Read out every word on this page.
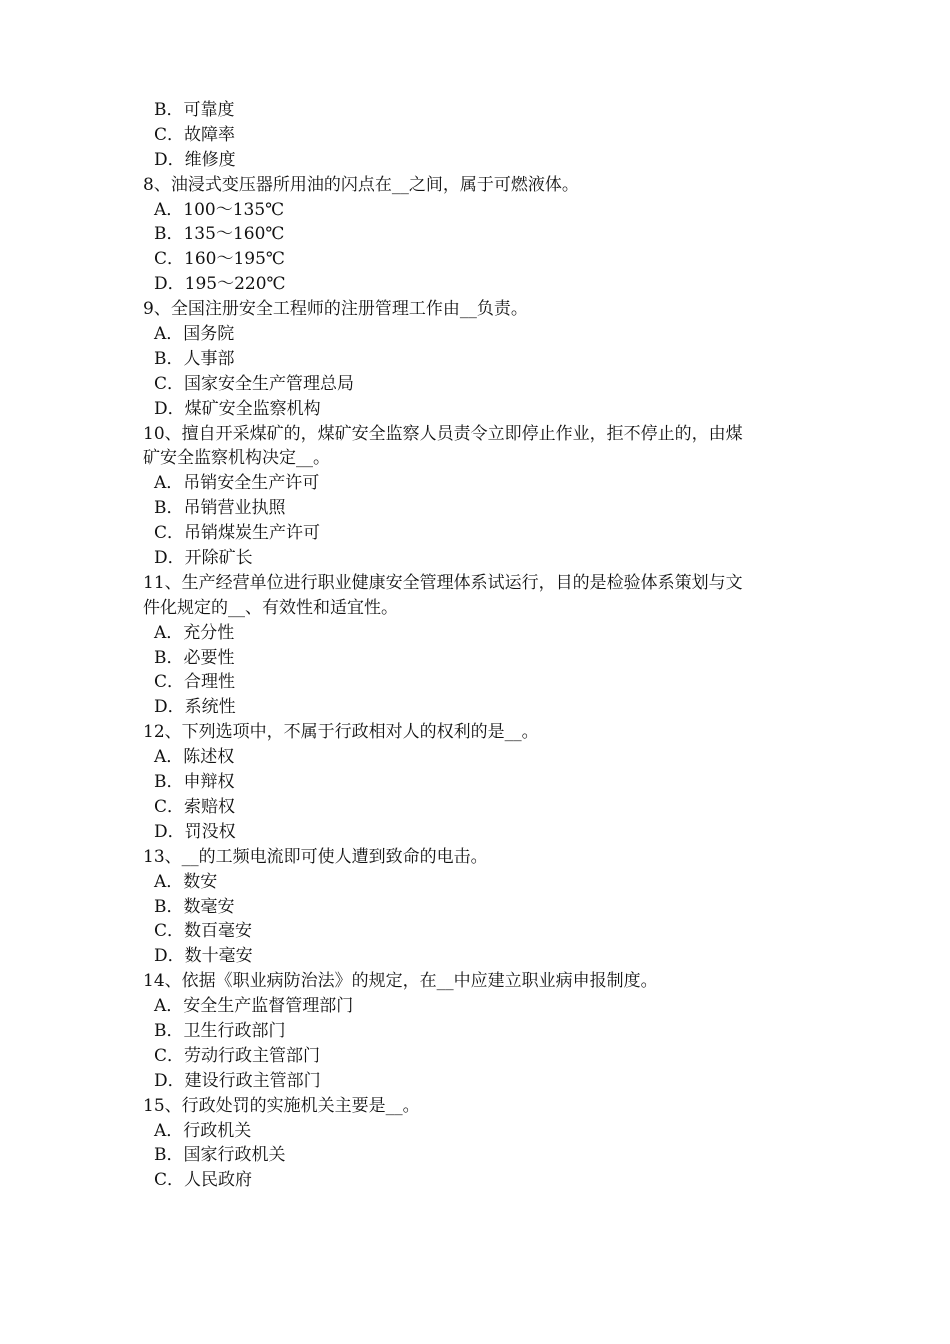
B．可靠度
C．故障率
D．维修度
8、油浸式变压器所用油的闪点在__之间，属于可燃液体。
A．100～135℃
B．135～160℃
C．160～195℃
D．195～220℃
9、全国注册安全工程师的注册管理工作由__负责。
A．国务院
B．人事部
C．国家安全生产管理总局
D．煤矿安全监察机构
10、擅自开采煤矿的，煤矿安全监察人员责令立即停止作业，拒不停止的，由煤
矿安全监察机构决定__。
A．吊销安全生产许可
B．吊销营业执照
C．吊销煤炭生产许可
D．开除矿长
11、生产经营单位进行职业健康安全管理体系试运行，目的是检验体系策划与文
件化规定的__、有效性和适宜性。
A．充分性
B．必要性
C．合理性
D．系统性
12、下列选项中，不属于行政相对人的权利的是__。
A．陈述权
B．申辩权
C．索赔权
D．罚没权
13、__的工频电流即可使人遭到致命的电击。
A．数安
B．数毫安
C．数百毫安
D．数十毫安
14、依据《职业病防治法》的规定，在__中应建立职业病申报制度。
A．安全生产监督管理部门
B．卫生行政部门
C．劳动行政主管部门
D．建设行政主管部门
15、行政处罚的实施机关主要是__。
A．行政机关
B．国家行政机关
C．人民政府
